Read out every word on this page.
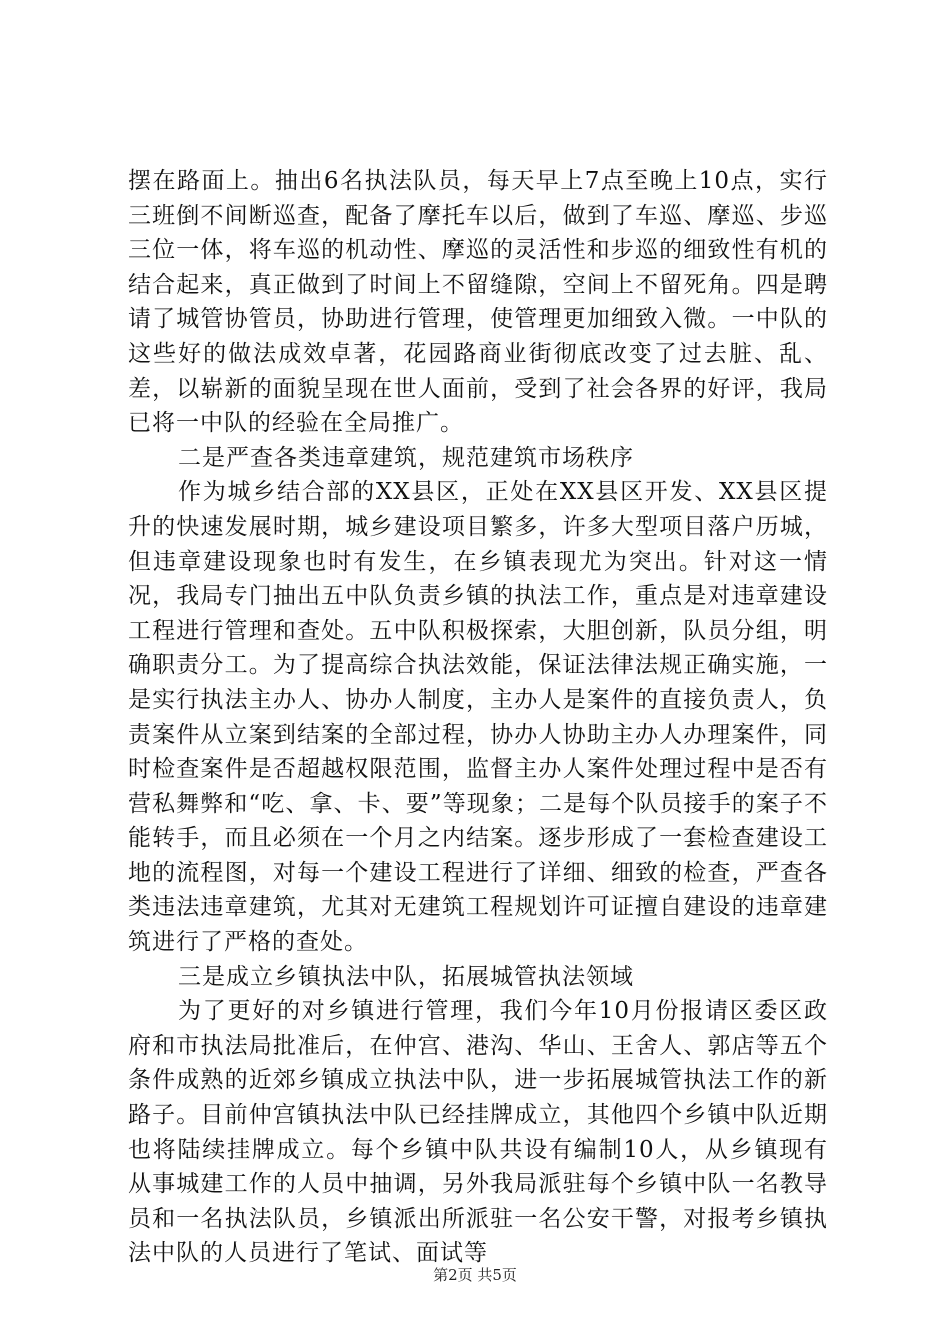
摆在路面上。抽出6名执法队员，每天早上7点至晚上10点，实行三班倒不间断巡查，配备了摩托车以后，做到了车巡、摩巡、步巡三位一体，将车巡的机动性、摩巡的灵活性和步巡的细致性有机的结合起来，真正做到了时间上不留缝隙，空间上不留死角。四是聘请了城管协管员，协助进行管理，使管理更加细致入微。一中队的这些好的做法成效卓著，花园路商业街彻底改变了过去脏、乱、差，以崭新的面貌呈现在世人面前，受到了社会各界的好评，我局已将一中队的经验在全局推广。

二是严查各类违章建筑，规范建筑市场秩序

作为城乡结合部的XX县区，正处在XX县区开发、XX县区提升的快速发展时期，城乡建设项目繁多，许多大型项目落户历城，但违章建设现象也时有发生，在乡镇表现尤为突出。针对这一情况，我局专门抽出五中队负责乡镇的执法工作，重点是对违章建设工程进行管理和查处。五中队积极探索，大胆创新，队员分组，明确职责分工。为了提高综合执法效能，保证法律法规正确实施，一是实行执法主办人、协办人制度，主办人是案件的直接负责人，负责案件从立案到结案的全部过程，协办人协助主办人办理案件，同时检查案件是否超越权限范围，监督主办人案件处理过程中是否有营私舞弊和“吃、拿、卡、要”等现象；二是每个队员接手的案子不能转手，而且必须在一个月之内结案。逐步形成了一套检查建设工地的流程图，对每一个建设工程进行了详细、细致的检查，严查各类违法违章建筑，尤其对无建筑工程规划许可证擅自建设的违章建筑进行了严格的查处。

三是成立乡镇执法中队，拓展城管执法领域

为了更好的对乡镇进行管理，我们今年10月份报请区委区政府和市执法局批准后，在仲宫、港沟、华山、王舍人、郭店等五个条件成熟的近郊乡镇成立执法中队，进一步拓展城管执法工作的新路子。目前仲宫镇执法中队已经挂牌成立，其他四个乡镇中队近期也将陆续挂牌成立。每个乡镇中队共设有编制10人，从乡镇现有从事城建工作的人员中抽调，另外我局派驻每个乡镇中队一名教导员和一名执法队员，乡镇派出所派驻一名公安干警，对报考乡镇执法中队的人员进行了笔试、面试等

第2页 共5页
